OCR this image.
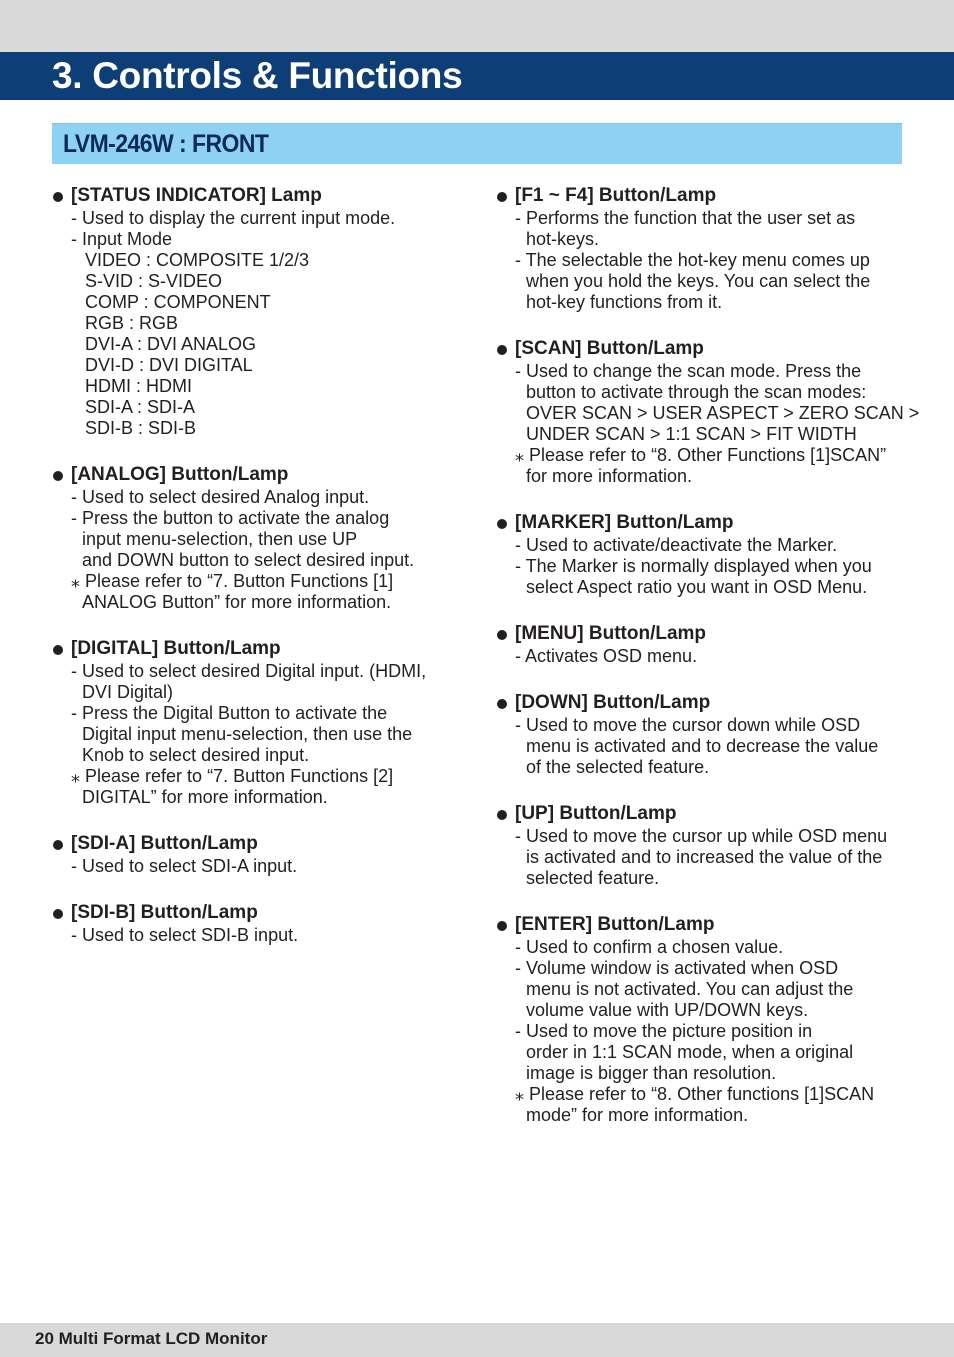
3. Controls & Functions
LVM-246W : FRONT
[STATUS INDICATOR] Lamp
- Used to display the current input mode.
- Input Mode
VIDEO : COMPOSITE 1/2/3
S-VID : S-VIDEO
COMP : COMPONENT
RGB : RGB
DVI-A : DVI ANALOG
DVI-D : DVI DIGITAL
HDMI : HDMI
SDI-A : SDI-A
SDI-B : SDI-B
[ANALOG] Button/Lamp
- Used to select desired Analog input.
- Press the button to activate the analog
input menu-selection, then use UP
and DOWN button to select desired input.
⁎ Please refer to “7. Button Functions [1]
ANALOG Button” for more information.
[DIGITAL] Button/Lamp
- Used to select desired Digital input. (HDMI,
DVI Digital)
- Press the Digital Button to activate the
Digital input menu-selection, then use the
Knob to select desired input.
⁎ Please refer to “7. Button Functions [2]
DIGITAL” for more information.
[SDI-A] Button/Lamp
- Used to select SDI-A input.
[SDI-B] Button/Lamp
- Used to select SDI-B input.
[F1 ~ F4] Button/Lamp
- Performs the function that the user set as
hot-keys.
- The selectable the hot-key menu comes up
when you hold the keys. You can select the
hot-key functions from it.
[SCAN] Button/Lamp
- Used to change the scan mode. Press the
button to activate through the scan modes:
OVER SCAN > USER ASPECT > ZERO SCAN >
UNDER SCAN > 1:1 SCAN > FIT WIDTH
⁎ Please refer to “8. Other Functions [1]SCAN”
for more information.
[MARKER] Button/Lamp
- Used to activate/deactivate the Marker.
- The Marker is normally displayed when you
select Aspect ratio you want in OSD Menu.
[MENU] Button/Lamp
- Activates OSD menu.
[DOWN] Button/Lamp
- Used to move the cursor down while OSD
menu is activated and to decrease the value
of the selected feature.
[UP] Button/Lamp
- Used to move the cursor up while OSD menu
is activated and to increased the value of the
selected feature.
[ENTER] Button/Lamp
- Used to confirm a chosen value.
- Volume window is activated when OSD
menu is not activated. You can adjust the
volume value with UP/DOWN keys.
- Used to move the picture position in
order in 1:1 SCAN mode, when a original
image is bigger than resolution.
⁎ Please refer to “8. Other functions [1]SCAN
mode” for more information.
20 Multi Format LCD Monitor
